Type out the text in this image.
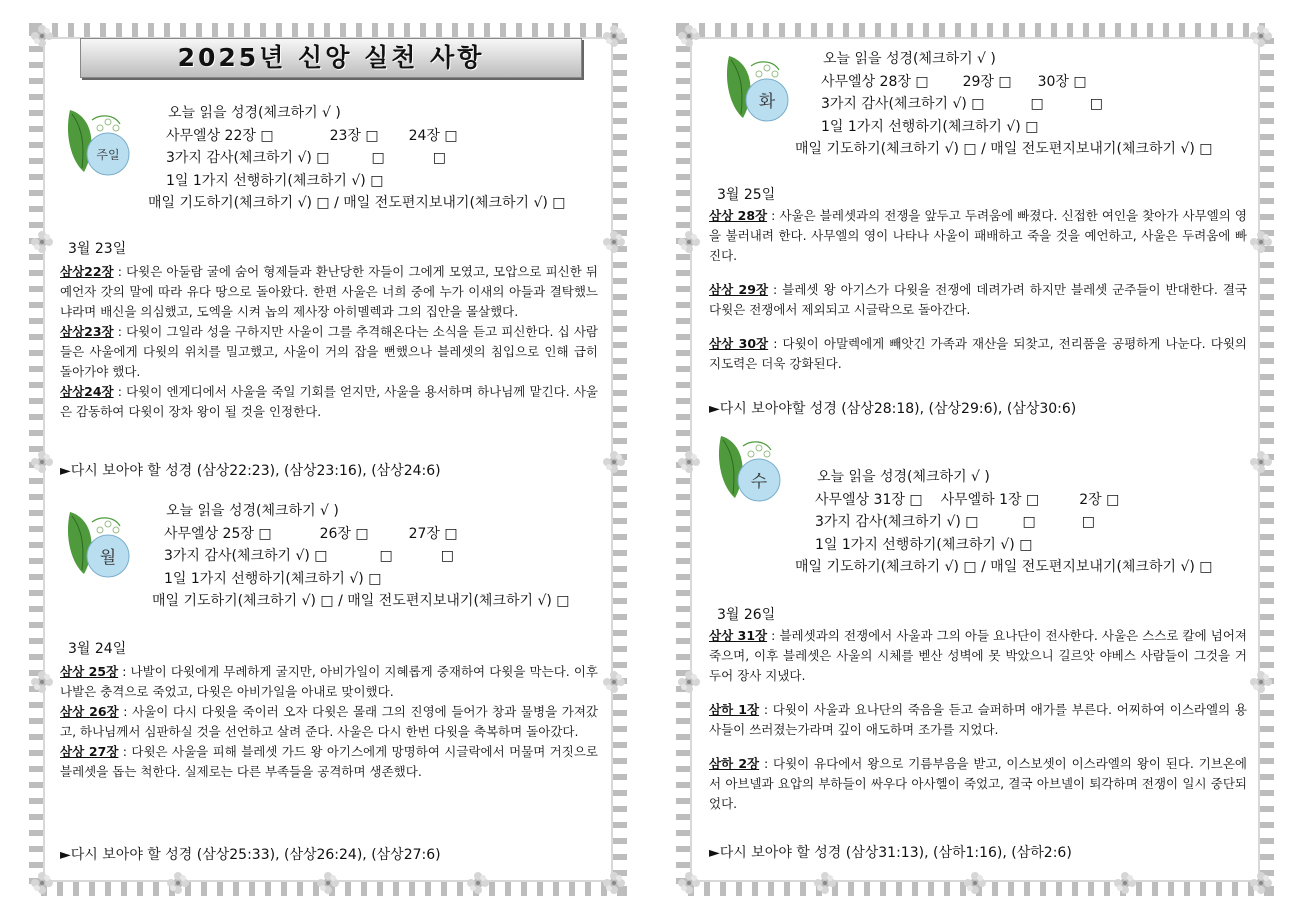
2025년 신앙 실천 사항
주일
오늘 읽을 성경(체크하기 √ )
사무엘상 22장 □	23장 □ 24장 □
3가지 감사(체크하기 √) □	□	□
1일 1가지 선행하기(체크하기 √) □
매일 기도하기(체크하기 √) □ / 매일 전도편지보내기(체크하기 √) □
3월 23일
삼상22장 : 다윗은 아둘람 굴에 숨어 형제들과 환난당한 자들이 그에게 모였고, 모압으로 피신한 뒤 예언자 갓의 말에 따라 유다 땅으로 돌아왔다. 한편 사울은 너희 중에 누가 이새의 아들과 결탁했느냐라며 배신을 의심했고, 도엑을 시켜 놉의 제사장 아히멜렉과 그의 집안을 몰살했다.
삼상23장 : 다윗이 그일라 성을 구하지만 사울이 그를 추격해온다는 소식을 듣고 피신한다. 십 사람들은 사울에게 다윗의 위치를 밀고했고, 사울이 거의 잡을 뻔했으나 블레셋의 침입으로 인해 급히 돌아가야 했다.
삼상24장 : 다윗이 엔게디에서 사울을 죽일 기회를 얻지만, 사울을 용서하며 하나님께 맡긴다. 사울은 감동하여 다윗이 장차 왕이 될 것을 인정한다.
►다시 보아야 할 성경 (삼상22:23), (삼상23:16), (삼상24:6)
월
오늘 읽을 성경(체크하기 √ )
사무엘상 25장 □	26장 □	27장 □
3가지 감사(체크하기 √) □	□	□
1일 1가지 선행하기(체크하기 √) □
매일 기도하기(체크하기 √) □ / 매일 전도편지보내기(체크하기 √) □
3월 24일
삼상 25장 : 나발이 다윗에게 무례하게 굴지만, 아비가일이 지혜롭게 중재하여 다윗을 막는다. 이후 나발은 충격으로 죽었고, 다윗은 아비가일을 아내로 맞이했다.
삼상 26장 : 사울이 다시 다윗을 죽이러 오자 다윗은 몰래 그의 진영에 들어가 창과 물병을 가져갔고, 하나님께서 심판하실 것을 선언하고 살려 준다. 사울은 다시 한번 다윗을 축복하며 돌아갔다.
삼상 27장 : 다윗은 사울을 피해 블레셋 가드 왕 아기스에게 망명하여 시글락에서 머물며 거짓으로 블레셋을 돕는 척한다. 실제로는 다른 부족들을 공격하며 생존했다.
►다시 보아야 할 성경 (삼상25:33), (삼상26:24), (삼상27:6)
화
오늘 읽을 성경(체크하기 √ )
사무엘상 28장 □ 29장 □ 30장 □
3가지 감사(체크하기 √) □	□	□
1일 1가지 선행하기(체크하기 √) □
매일 기도하기(체크하기 √) □ / 매일 전도편지보내기(체크하기 √) □
3월 25일
삼상 28장 : 사울은 블레셋과의 전쟁을 앞두고 두려움에 빠졌다. 신접한 여인을 찾아가 사무엘의 영을 불러내려 한다. 사무엘의 영이 나타나 사울이 패배하고 죽을 것을 예언하고, 사울은 두려움에 빠진다.
삼상 29장 : 블레셋 왕 아기스가 다윗을 전쟁에 데려가려 하지만 블레셋 군주들이 반대한다. 결국 다윗은 전쟁에서 제외되고 시글락으로 돌아간다.
삼상 30장 : 다윗이 아말렉에게 빼앗긴 가족과 재산을 되찾고, 전리품을 공평하게 나눈다. 다윗의 지도력은 더욱 강화된다.
►다시 보아야할 성경 (삼상28:18), (삼상29:6), (삼상30:6)
수	오늘 읽을 성경(체크하기 √ )
사무엘상 31장 □ 사무엘하 1장 □	2장 □
3가지 감사(체크하기 √) □	□	□
1일 1가지 선행하기(체크하기 √) □
매일 기도하기(체크하기 √) □ / 매일 전도편지보내기(체크하기 √) □
3월 26일
삼상 31장 : 블레셋과의 전쟁에서 사울과 그의 아들 요나단이 전사한다. 사울은 스스로 칼에 넘어져 죽으며, 이후 블레셋은 사울의 시체를 벧산 성벽에 못 박았으니 길르앗 야베스 사람들이 그것을 거두어 장사 지냈다.
삼하 1장 : 다윗이 사울과 요나단의 죽음을 듣고 슬퍼하며 애가를 부른다. 어찌하여 이스라엘의 용사들이 쓰러졌는가라며 깊이 애도하며 조가를 지었다.
삼하 2장 : 다윗이 유다에서 왕으로 기름부음을 받고, 이스보셋이 이스라엘의 왕이 된다. 기브온에서 아브넬과 요압의 부하들이 싸우다 아사헬이 죽었고, 결국 아브넬이 퇴각하며 전쟁이 일시 중단되었다.
►다시 보아야 할 성경 (삼상31:13), (삼하1:16), (삼하2:6)
